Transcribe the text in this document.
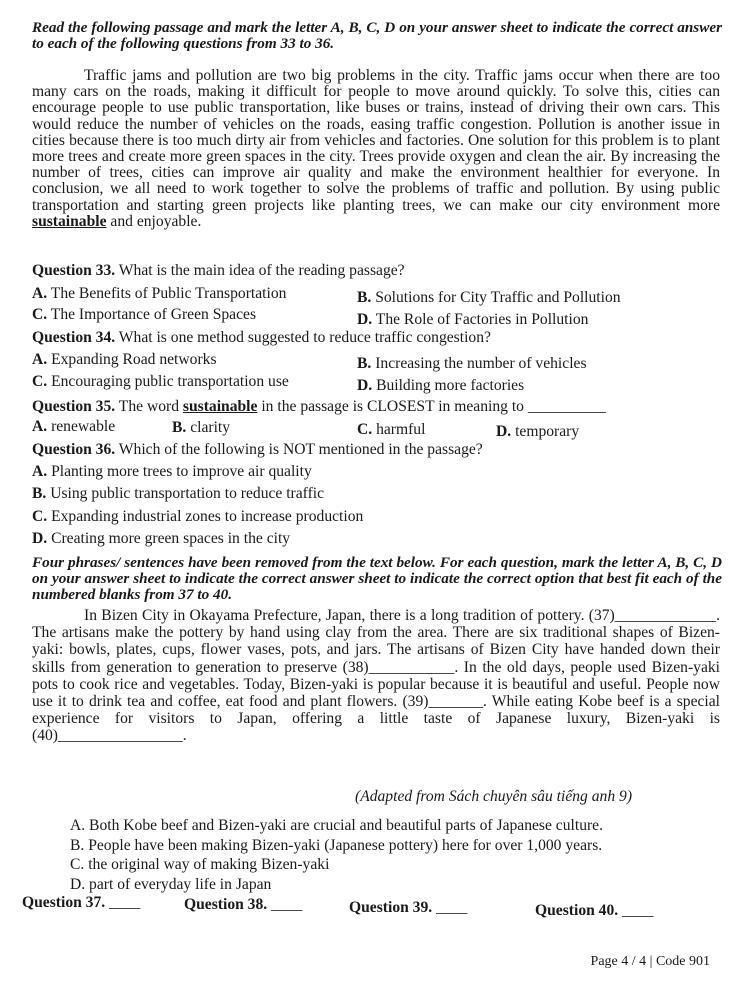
Read the following passage and mark the letter A, B, C, D on your answer sheet to indicate the correct answer to each of the following questions from 33 to 36.
Traffic jams and pollution are two big problems in the city. Traffic jams occur when there are too many cars on the roads, making it difficult for people to move around quickly. To solve this, cities can encourage people to use public transportation, like buses or trains, instead of driving their own cars. This would reduce the number of vehicles on the roads, easing traffic congestion. Pollution is another issue in cities because there is too much dirty air from vehicles and factories. One solution for this problem is to plant more trees and create more green spaces in the city. Trees provide oxygen and clean the air. By increasing the number of trees, cities can improve air quality and make the environment healthier for everyone. In conclusion, we all need to work together to solve the problems of traffic and pollution. By using public transportation and starting green projects like planting trees, we can make our city environment more sustainable and enjoyable.
Question 33. What is the main idea of the reading passage?
A. The Benefits of Public Transportation	B. Solutions for City Traffic and Pollution
C. The Importance of Green Spaces	D. The Role of Factories in Pollution
Question 34. What is one method suggested to reduce traffic congestion?
A. Expanding Road networks	B. Increasing the number of vehicles
C. Encouraging public transportation use	D. Building more factories
Question 35. The word sustainable in the passage is CLOSEST in meaning to __________
A. renewable	B. clarity	C. harmful	D. temporary
Question 36. Which of the following is NOT mentioned in the passage?
A. Planting more trees to improve air quality
B. Using public transportation to reduce traffic
C. Expanding industrial zones to increase production
D. Creating more green spaces in the city
Four phrases/ sentences have been removed from the text below. For each question, mark the letter A, B, C, D on your answer sheet to indicate the correct answer sheet to indicate the correct option that best fit each of the numbered blanks from 37 to 40.
In Bizen City in Okayama Prefecture, Japan, there is a long tradition of pottery. (37)_____________. The artisans make the pottery by hand using clay from the area. There are six traditional shapes of Bizen-yaki: bowls, plates, cups, flower vases, pots, and jars. The artisans of Bizen City have handed down their skills from generation to generation to preserve (38)___________. In the old days, people used Bizen-yaki pots to cook rice and vegetables. Today, Bizen-yaki is popular because it is beautiful and useful. People now use it to drink tea and coffee, eat food and plant flowers. (39)_______. While eating Kobe beef is a special experience for visitors to Japan, offering a little taste of Japanese luxury, Bizen-yaki is (40)________________.
(Adapted from Sách chuyên sâu tiếng anh 9)
A. Both Kobe beef and Bizen-yaki are crucial and beautiful parts of Japanese culture.
B. People have been making Bizen-yaki (Japanese pottery) here for over 1,000 years.
C. the original way of making Bizen-yaki
D. part of everyday life in Japan
Question 37. ____	Question 38. ____	Question 39. ____	Question 40. ____
Page 4 / 4 | Code 901
